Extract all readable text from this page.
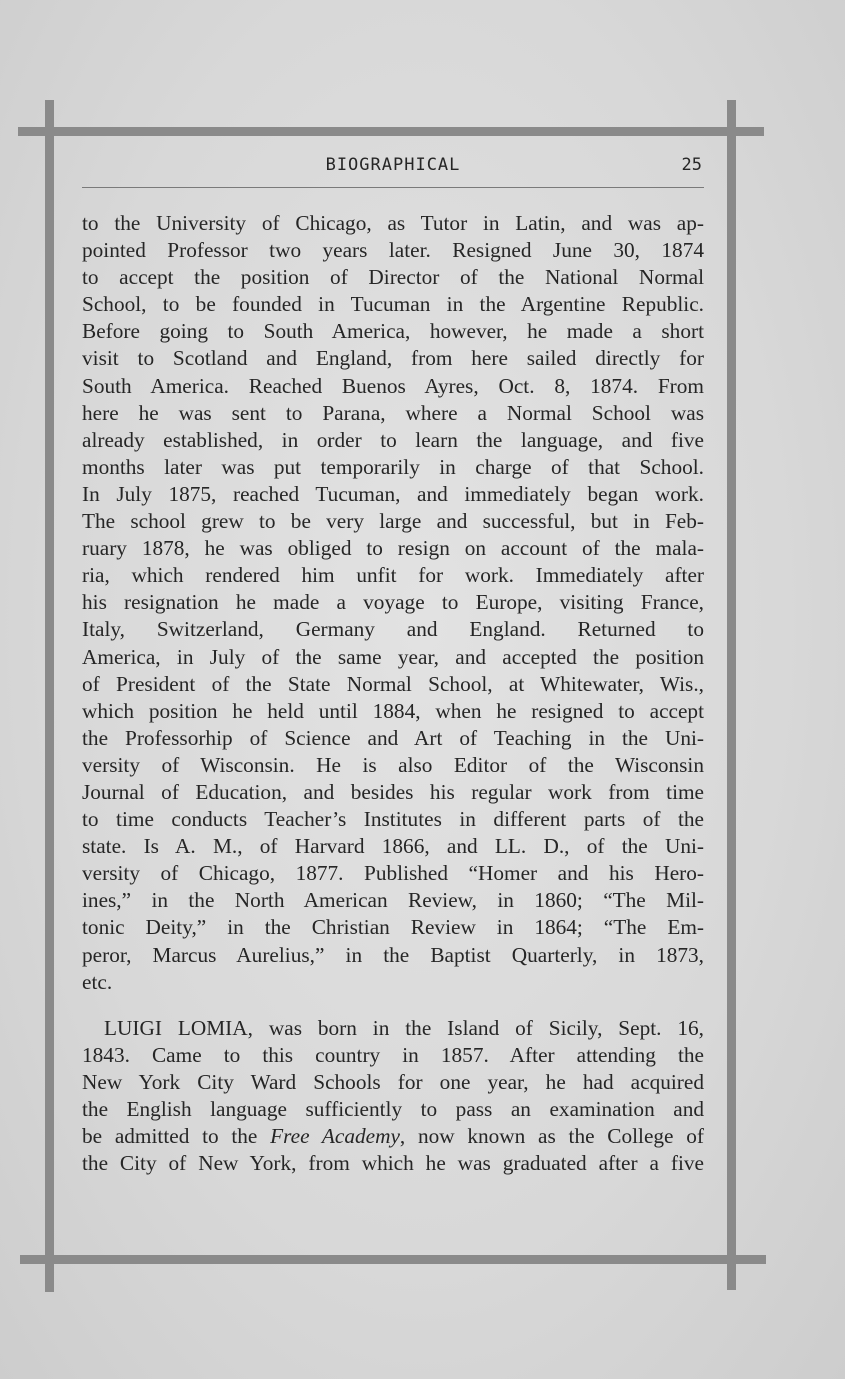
BIOGRAPHICAL	25
to the University of Chicago, as Tutor in Latin, and was ap-
pointed Professor two years later. Resigned June 30, 1874
to accept the position of Director of the National Normal
School, to be founded in Tucuman in the Argentine Republic.
Before going to South America, however, he made a short
visit to Scotland and England, from here sailed directly for
South America. Reached Buenos Ayres, Oct. 8, 1874. From
here he was sent to Parana, where a Normal School was
already established, in order to learn the language, and five
months later was put temporarily in charge of that School.
In July 1875, reached Tucuman, and immediately began work.
The school grew to be very large and successful, but in Feb-
ruary 1878, he was obliged to resign on account of the mala-
ria, which rendered him unfit for work. Immediately after
his resignation he made a voyage to Europe, visiting France,
Italy, Switzerland, Germany and England. Returned to
America, in July of the same year, and accepted the position
of President of the State Normal School, at Whitewater, Wis.,
which position he held until 1884, when he resigned to accept
the Professorhip of Science and Art of Teaching in the Uni-
versity of Wisconsin. He is also Editor of the Wisconsin
Journal of Education, and besides his regular work from time
to time conducts Teacher’s Institutes in different parts of the
state. Is A. M., of Harvard 1866, and LL. D., of the Uni-
versity of Chicago, 1877. Published “Homer and his Hero-
ines,” in the North American Review, in 1860; “The Mil-
tonic Deity,” in the Christian Review in 1864; “The Em-
peror, Marcus Aurelius,” in the Baptist Quarterly, in 1873,
etc.
LUIGI LOMIA, was born in the Island of Sicily, Sept. 16,
1843. Came to this country in 1857. After attending the
New York City Ward Schools for one year, he had acquired
the English language sufficiently to pass an examination and
be admitted to the Free Academy, now known as the College of
the City of New York, from which he was graduated after a five
